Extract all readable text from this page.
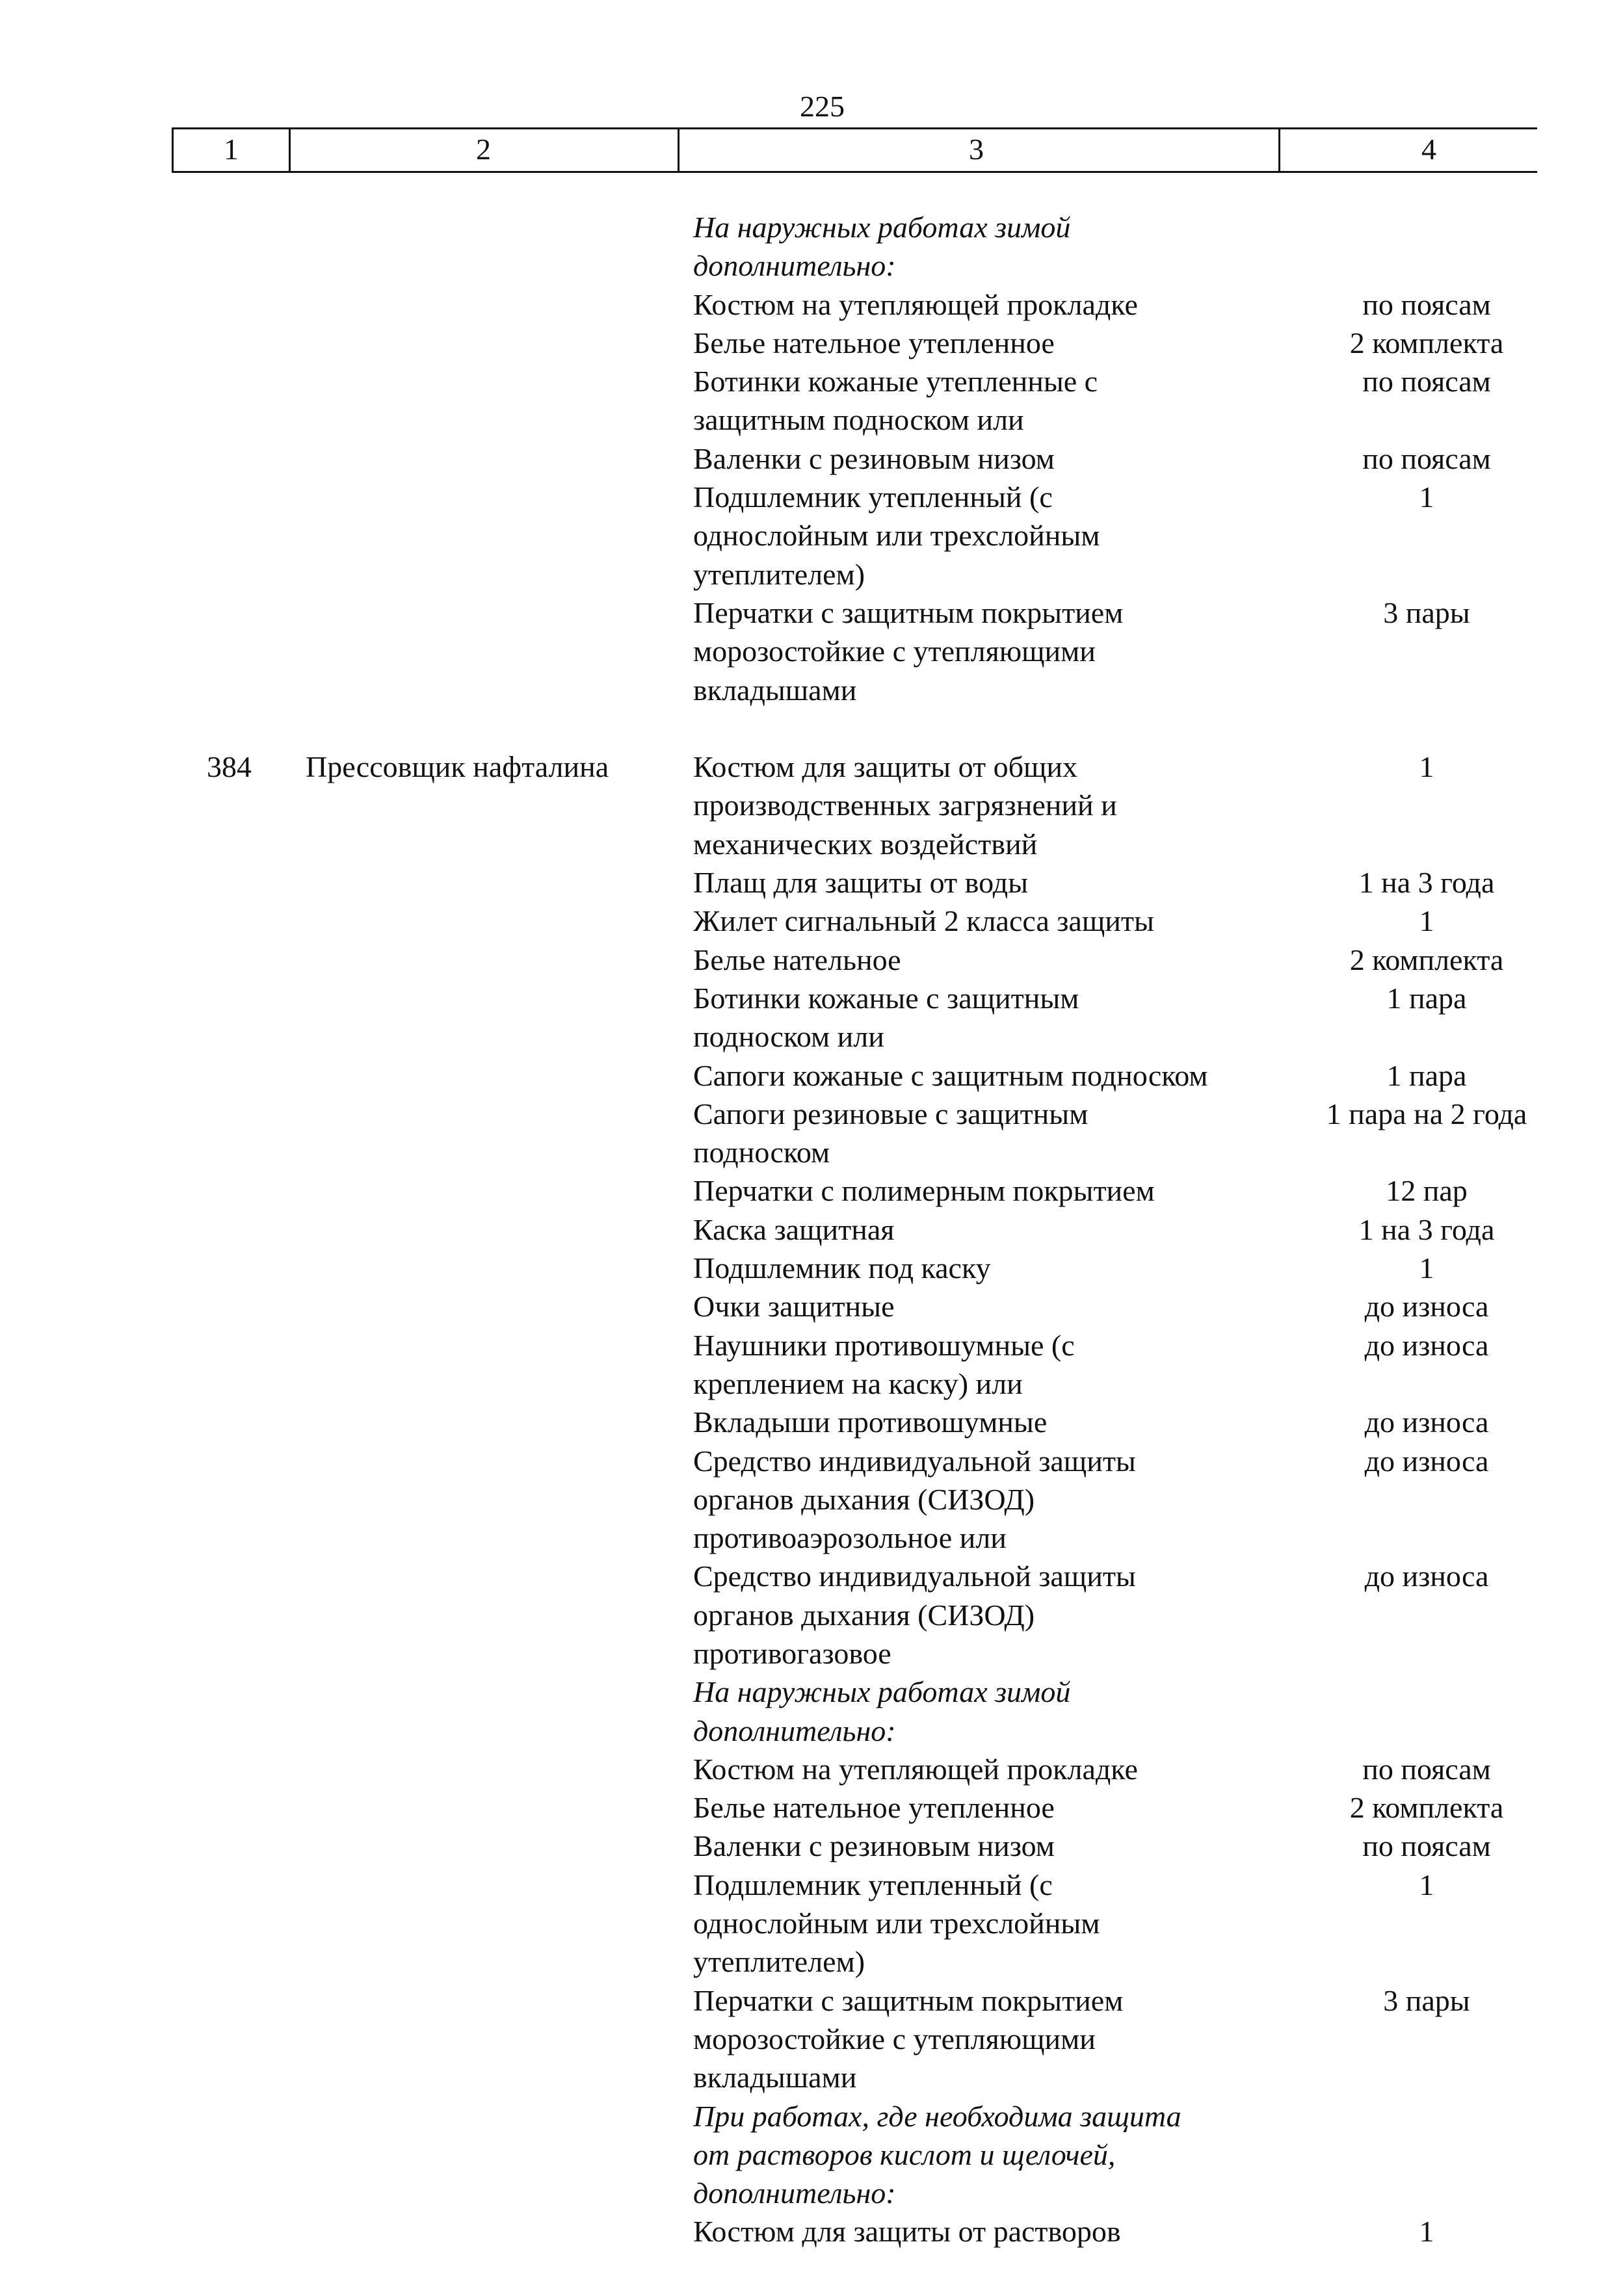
225
1	2	3	4
На наружных работах зимой
дополнительно:
Костюм на утепляющей прокладке	по поясам
Белье нательное утепленное	2 комплекта
Ботинки кожаные утепленные с	по поясам
защитным подноском или
Валенки с резиновым низом	по поясам
Подшлемник утепленный (с	1
однослойным или трехслойным
утеплителем)
Перчатки с защитным покрытием	3 пары
морозостойкие с утепляющими
вкладышами
384 Прессовщик нафталина	Костюм для защиты от общих	1
производственных загрязнений и
механических воздействий
Плащ для защиты от воды	1 на 3 года
Жилет сигнальный 2 класса защиты	1
Белье нательное	2 комплекта
Ботинки кожаные с защитным	1 пара
подноском или
Сапоги кожаные с защитным подноском	1 пара
Сапоги резиновые с защитным	1 пара на 2 года
подноском
Перчатки с полимерным покрытием	12 пар
Каска защитная	1 на 3 года
Подшлемник под каску	1
Очки защитные	до износа
Наушники противошумные (с	до износа
креплением на каску) или
Вкладыши противошумные	до износа
Средство индивидуальной защиты	до износа
органов дыхания (СИЗОД)
противоаэрозольное или
Средство индивидуальной защиты	до износа
органов дыхания (СИЗОД)
противогазовое
На наружных работах зимой
дополнительно:
Костюм на утепляющей прокладке	по поясам
Белье нательное утепленное	2 комплекта
Валенки с резиновым низом	по поясам
Подшлемник утепленный (с	1
однослойным или трехслойным
утеплителем)
Перчатки с защитным покрытием	3 пары
морозостойкие с утепляющими
вкладышами
При работах, где необходима защита
от растворов кислот и щелочей,
дополнительно:
Костюм для защиты от растворов	1
